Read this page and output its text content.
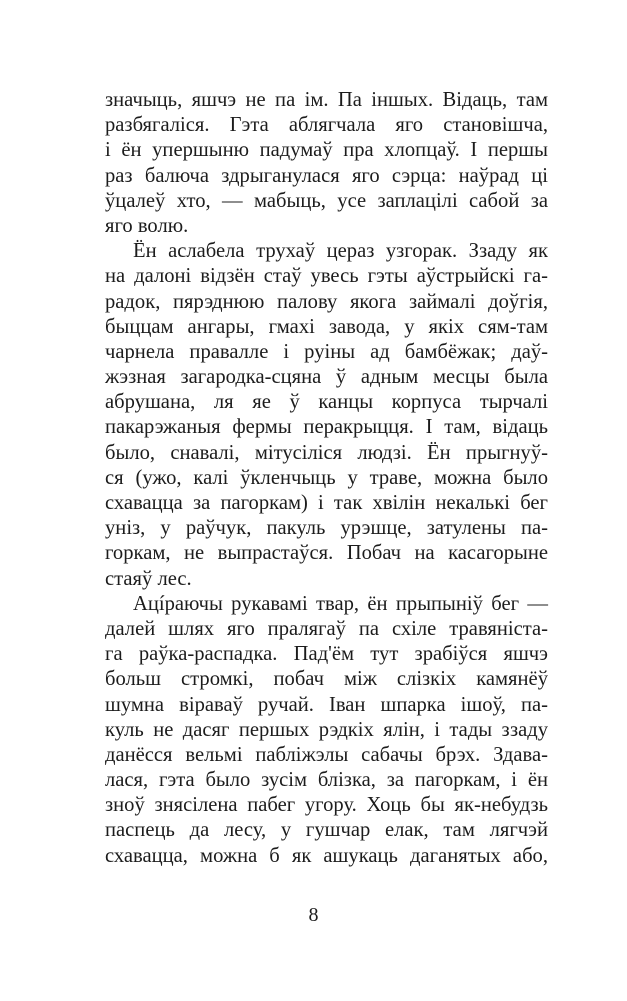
значыць, яшчэ не па ім. Па іншых. Відаць, там
разбягаліся. Гэта аблягчала яго становішча,
і ён упершыню падумаў пра хлопцаў. І першы
раз балюча здрыганулася яго сэрца: наўрад ці
ўцалеў хто, — мабыць, усе заплацілі сабой за
яго волю.
Ён аслабела трухаў цераз узгорак. Ззаду як
на далоні відзён стаў увесь гэты аўстрыйскі га-
радок, пярэднюю палову якога займалі доўгія,
быццам ангары, гмахі завода, у якіх сям-там
чарнела правалле і руіны ад бамбёжак; даў-
жэзная загародка-сцяна ў адным месцы была
абрушана, ля яе ў канцы корпуса тырчалі
пакарэжаныя фермы перакрыцця. І там, відаць
было, снавалі, мітусіліся людзі. Ён прыгнуў-
ся (ужо, калі ўкленчыць у траве, можна было
схавацца за пагоркам) і так хвілін некалькі бег
уніз, у раўчук, пакуль урэшце, затулены па-
горкам, не выпрастаўся. Побач на касагорыне
стаяў лес.
Ацíраючы рукавамі твар, ён прыпыніў бег —
далей шлях яго пралягаў па схіле травяніста-
га раўка-распадка. Пад'ём тут зрабіўся яшчэ
больш стромкі, побач між слізкіх камянёў
шумна віраваў ручай. Іван шпарка ішоў, па-
куль не дасяг першых рэдкіх ялін, і тады ззаду
данёсся вельмі пабліжэлы сабачы брэх. Здава-
лася, гэта было зусім блізка, за пагоркам, і ён
зноў знясілена пабег угору. Хоць бы як-небудзь
паспець да лесу, у гушчар елак, там лягчэй
схавацца, можна б як ашукаць даганятых або,
8
